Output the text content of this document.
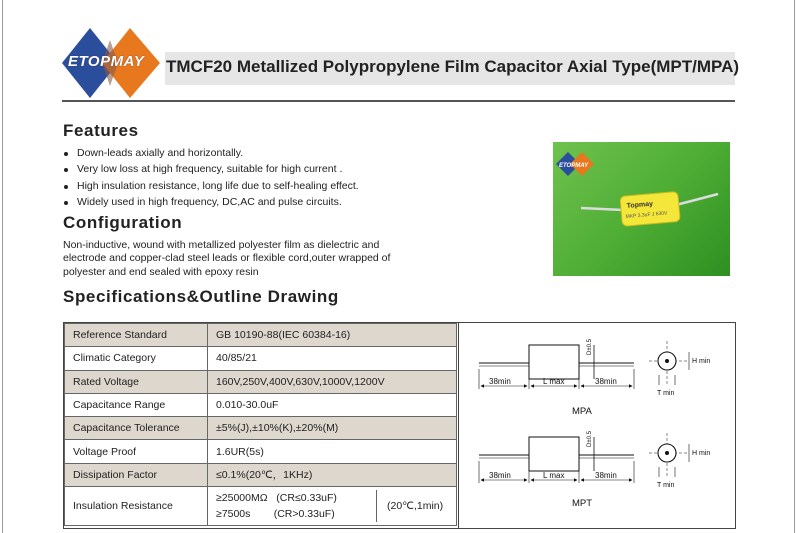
ETOPMAY TMCF20 Metallized Polypropylene Film Capacitor Axial Type(MPT/MPA)
Features
Down-leads axially and horizontally.
Very low loss at high frequency, suitable for high current .
High insulation resistance, long life due to self-healing effect.
Widely used in high frequency, DC,AC and pulse circuits.
Configuration
Non-inductive, wound with metallized polyester film as dielectric and electrode and copper-clad steel leads or flexible cord,outer wrapped of polyester and end sealed with epoxy resin
ETOPMAY
Topmay
MKP 3.3uF J 630V
Specifications&Outline Drawing
Reference Standard	GB 10190-88(IEC 60384-16)
Climatic Category	40/85/21
Rated Voltage	160V,250V,400V,630V,1000V,1200V
Capacitance Range	0.010-30.0uF
Capacitance Tolerance	±5%(J),±10%(K),±20%(M)
Voltage Proof	1.6UR(5s)
Dissipation Factor	≤0.1%(20℃，1KHz)
Insulation Resistance	≥25000MΩ   (CR≤0.33uF)
≥7500s        (CR>0.33uF)
(20℃,1min)
D±0.5
38min	L max	38min
MPA
H min
T min
D±0.5
38min	L max	38min
MPT
H min
T min
